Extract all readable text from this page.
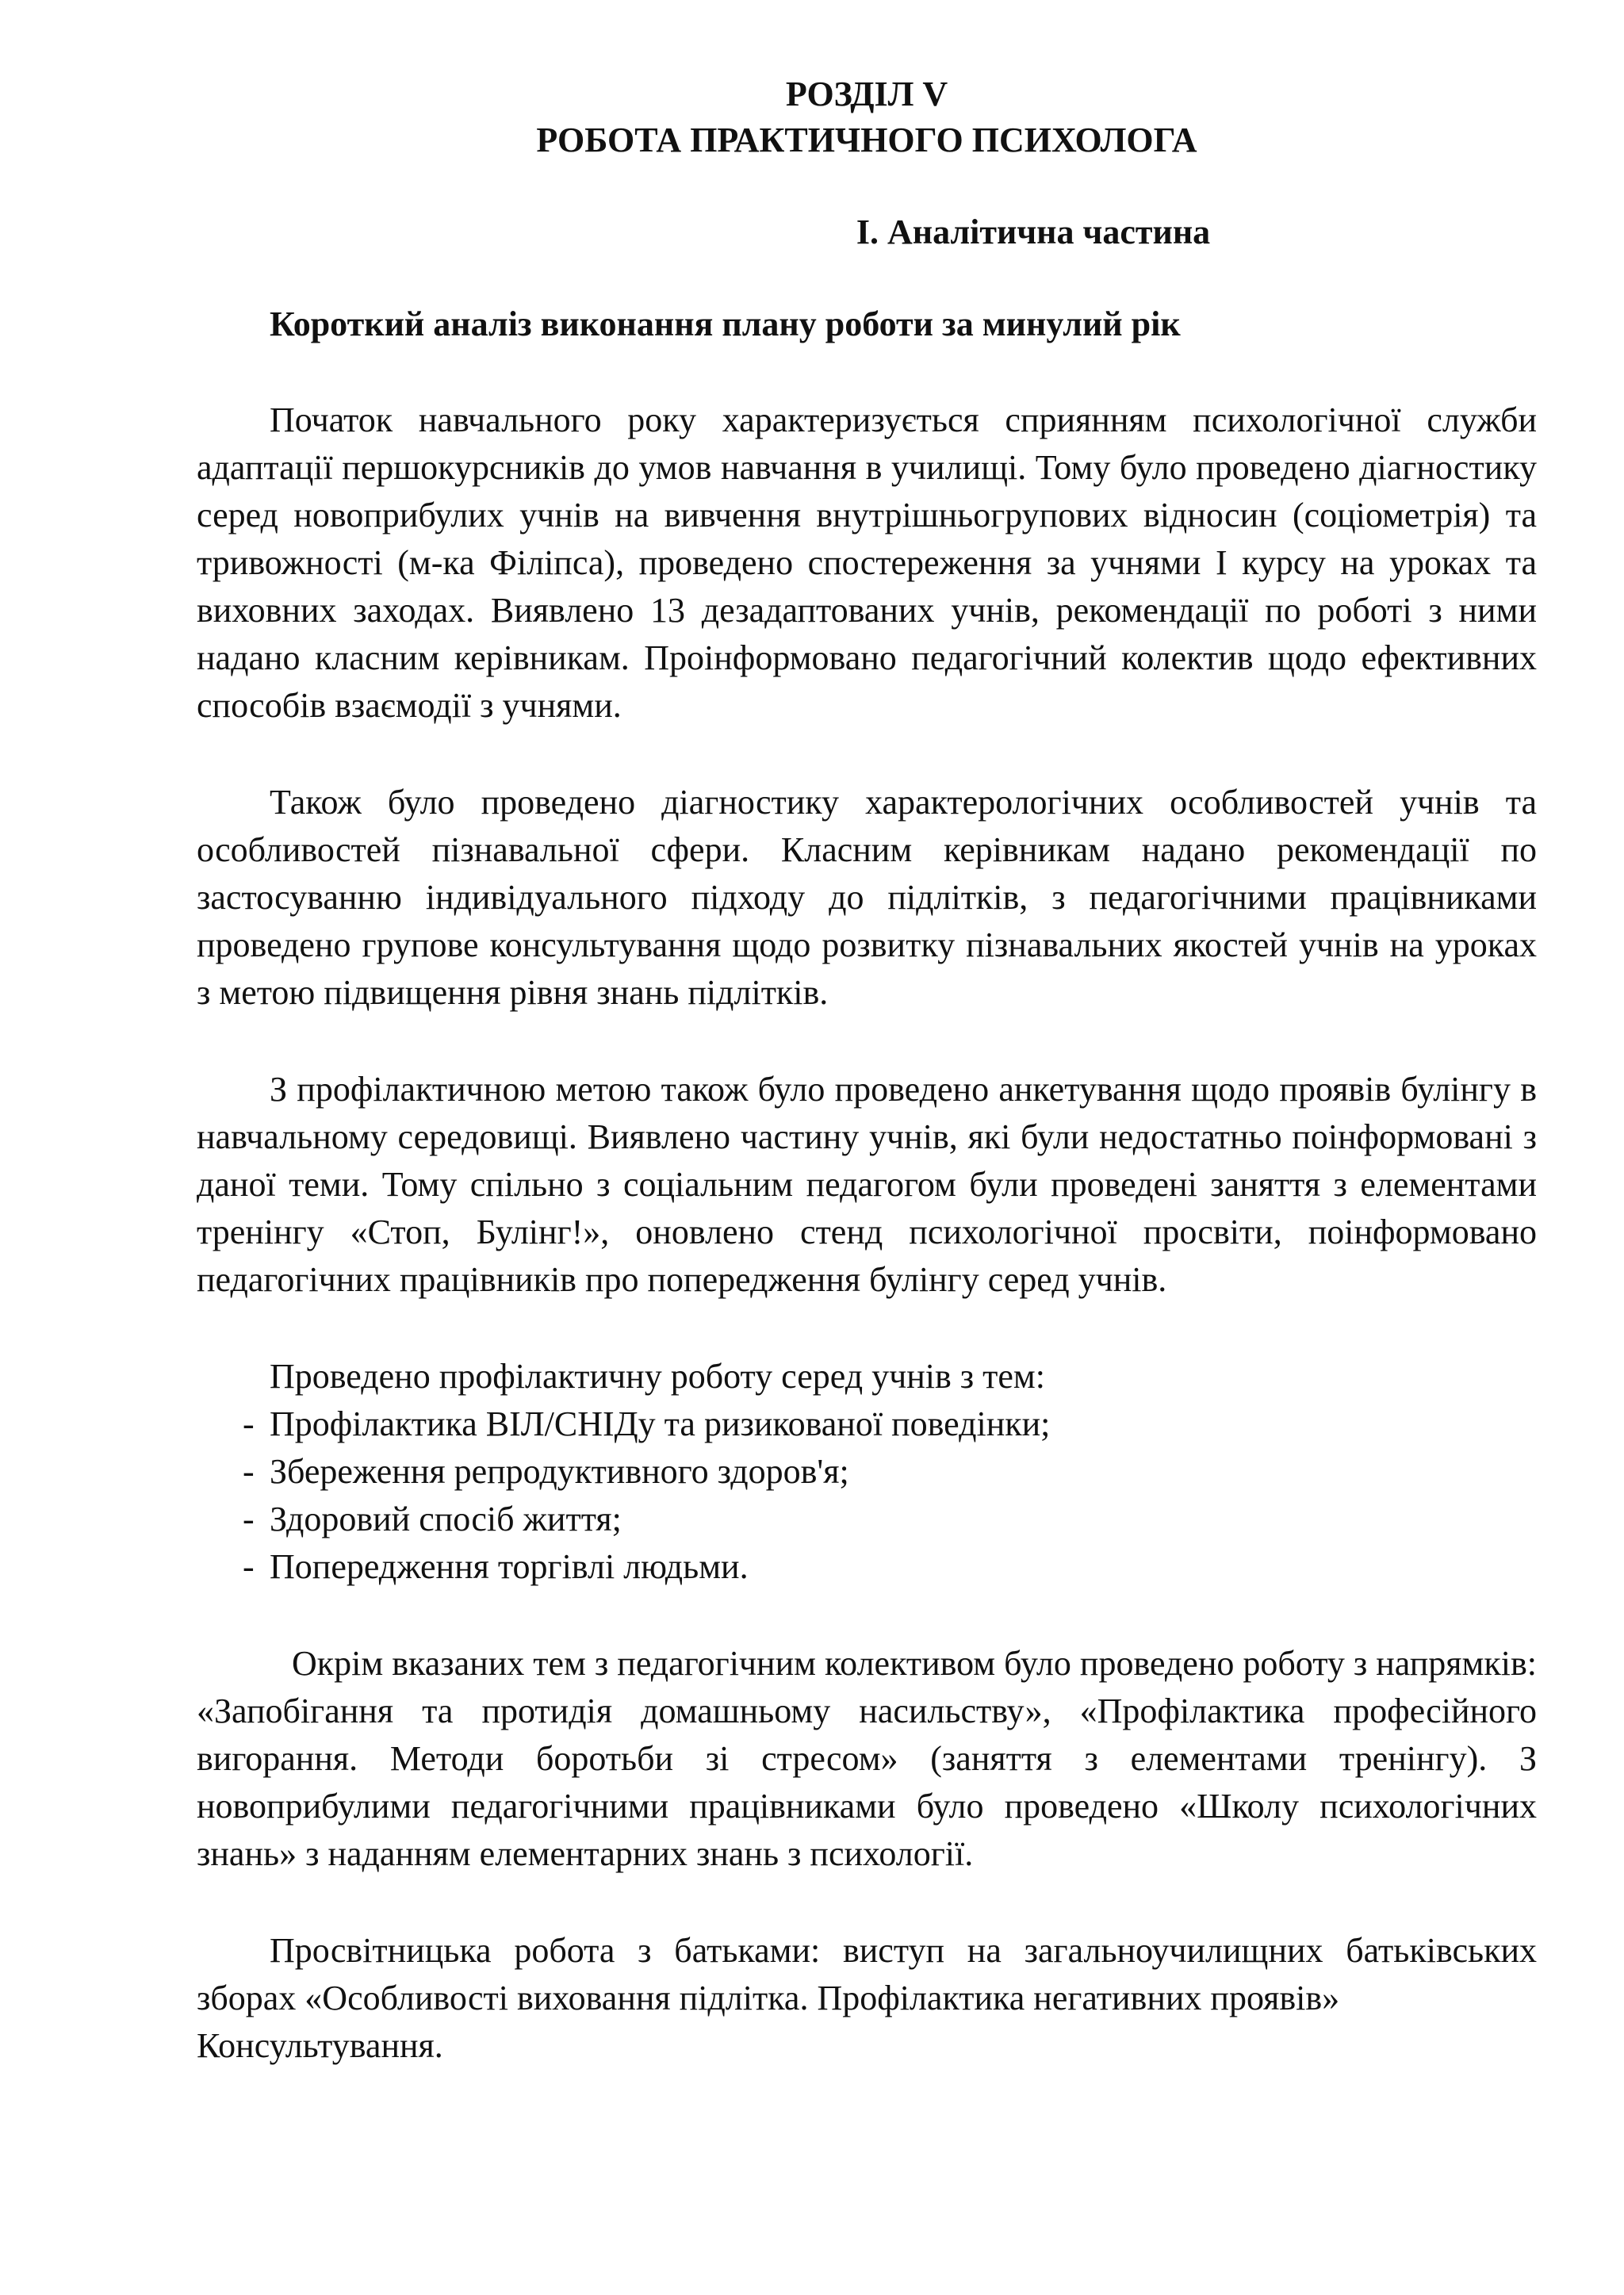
РОЗДІЛ V

РОБОТА ПРАКТИЧНОГО ПСИХОЛОГА

І. Аналітична частина

Короткий аналіз виконання плану роботи за минулий рік

Початок навчального року характеризується сприянням психологічної служби адаптації першокурсників до умов навчання в училищі. Тому було проведено діагностику серед новоприбулих учнів на вивчення внутрішньогрупових відносин (соціометрія) та тривожності (м-ка Філіпса), проведено спостереження за учнями І курсу на уроках та виховних заходах. Виявлено 13 дезадаптованих учнів, рекомендації по роботі з ними надано класним керівникам. Проінформовано педагогічний колектив щодо ефективних способів взаємодії з учнями.

Також було проведено діагностику характерологічних особливостей учнів та особливостей пізнавальної сфери. Класним керівникам надано рекомендації по застосуванню індивідуального підходу до підлітків, з педагогічними працівниками проведено групове консультування щодо розвитку пізнавальних якостей учнів на уроках з метою підвищення рівня знань підлітків.

З профілактичною метою також було проведено анкетування щодо проявів булінгу в навчальному середовищі. Виявлено частину учнів, які були недостатньо поінформовані з даної теми. Тому спільно з соціальним педагогом були проведені заняття з елементами тренінгу «Стоп, Булінг!», оновлено стенд психологічної просвіти, поінформовано педагогічних працівників про попередження булінгу серед учнів.

Проведено профілактичну роботу серед учнів з тем:

- Профілактика ВІЛ/СНІДу та ризикованої поведінки;
- Збереження репродуктивного здоров'я;
- Здоровий спосіб життя;
- Попередження торгівлі людьми.

Окрім вказаних тем з педагогічним колективом було проведено роботу з напрямків: «Запобігання та протидія домашньому насильству», «Профілактика професійного вигорання. Методи боротьби зі стресом» (заняття з елементами тренінгу). З новоприбулими педагогічними працівниками було проведено «Школу психологічних знань» з наданням елементарних знань з психології.

Просвітницька робота з батьками: виступ на загальноучилищних батьківських зборах «Особливості виховання підлітка. Профілактика негативних проявів»

Консультування.
